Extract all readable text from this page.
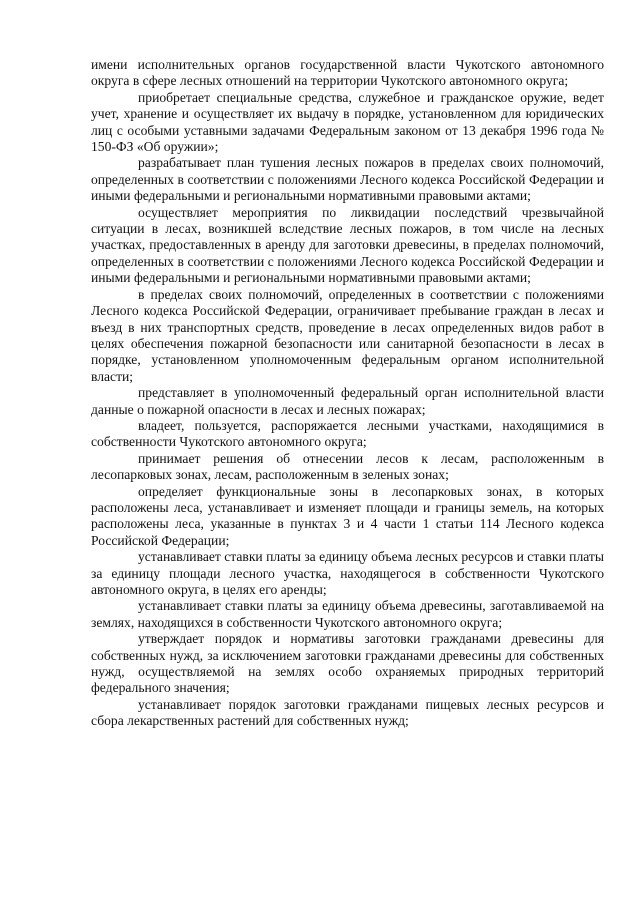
имени исполнительных органов государственной власти Чукотского автономного округа в сфере лесных отношений на территории Чукотского автономного округа;

приобретает специальные средства, служебное и гражданское оружие, ведет учет, хранение и осуществляет их выдачу в порядке, установленном для юридических лиц с особыми уставными задачами Федеральным законом от 13 декабря 1996 года № 150-ФЗ «Об оружии»;

разрабатывает план тушения лесных пожаров в пределах своих полномочий, определенных в соответствии с положениями Лесного кодекса Российской Федерации и иными федеральными и региональными нормативными правовыми актами;

осуществляет мероприятия по ликвидации последствий чрезвычайной ситуации в лесах, возникшей вследствие лесных пожаров, в том числе на лесных участках, предоставленных в аренду для заготовки древесины, в пределах полномочий, определенных в соответствии с положениями Лесного кодекса Российской Федерации и иными федеральными и региональными нормативными правовыми актами;

в пределах своих полномочий, определенных в соответствии с положениями Лесного кодекса Российской Федерации, ограничивает пребывание граждан в лесах и въезд в них транспортных средств, проведение в лесах определенных видов работ в целях обеспечения пожарной безопасности или санитарной безопасности в лесах в порядке, установленном уполномоченным федеральным органом исполнительной власти;

представляет в уполномоченный федеральный орган исполнительной власти данные о пожарной опасности в лесах и лесных пожарах;

владеет, пользуется, распоряжается лесными участками, находящимися в собственности Чукотского автономного округа;

принимает решения об отнесении лесов к лесам, расположенным в лесопарковых зонах, лесам, расположенным в зеленых зонах;

определяет функциональные зоны в лесопарковых зонах, в которых расположены леса, устанавливает и изменяет площади и границы земель, на которых расположены леса, указанные в пунктах 3 и 4 части 1 статьи 114 Лесного кодекса Российской Федерации;

устанавливает ставки платы за единицу объема лесных ресурсов и ставки платы за единицу площади лесного участка, находящегося в собственности Чукотского автономного округа, в целях его аренды;

устанавливает ставки платы за единицу объема древесины, заготавливаемой на землях, находящихся в собственности Чукотского автономного округа;

утверждает порядок и нормативы заготовки гражданами древесины для собственных нужд, за исключением заготовки гражданами древесины для собственных нужд, осуществляемой на землях особо охраняемых природных территорий федерального значения;

устанавливает порядок заготовки гражданами пищевых лесных ресурсов и сбора лекарственных растений для собственных нужд;
